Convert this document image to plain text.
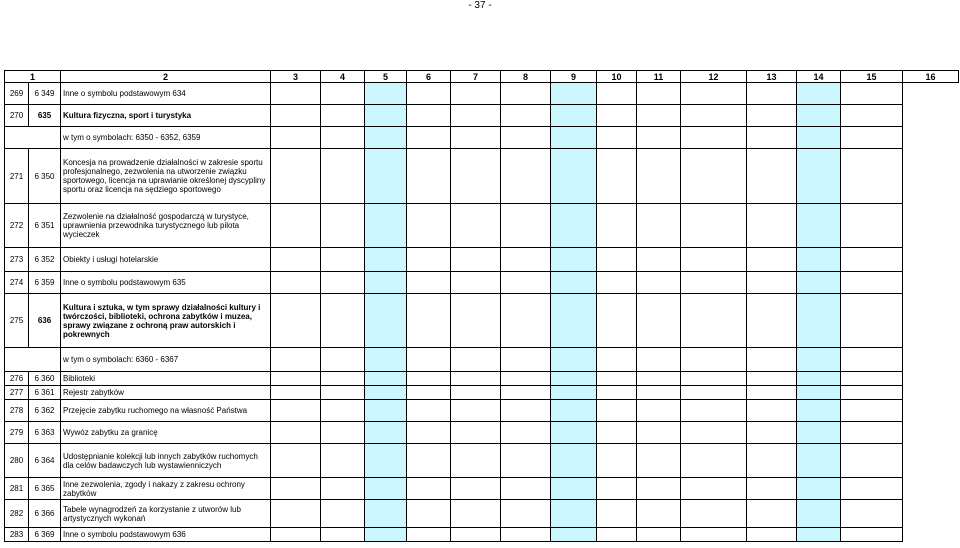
- 37 -
1		2	3	4	5	6	7	8	9	10	11	12	13	14	15	16
269	6 349	Inne o symbolu podstawowym 634														
270	635	Kultura fizyczna, sport i turystyka														
		w tym o symbolach: 6350 - 6352, 6359														
271	6 350	Koncesja na prowadzenie działalności w zakresie sportu profesjonalnego, zezwolenia na utworzenie związku sportowego, licencja na uprawianie określonej dyscypliny sportu oraz licencja na sędziego sportowego														
272	6 351	Zezwolenie na działalność gospodarczą w turystyce, uprawnienia przewodnika turystycznego lub pilota wycieczek														
273	6 352	Obiekty i usługi hotelarskie														
274	6 359	Inne o symbolu podstawowym 635														
275	636	Kultura i sztuka, w tym sprawy działalności kultury i twórczości, biblioteki, ochrona zabytków i muzea, sprawy związane z ochroną praw autorskich i pokrewnych														
		w tym o symbolach: 6360 - 6367														
276	6 360	Biblioteki														
277	6 361	Rejestr zabytków														
278	6 362	Przejęcie zabytku ruchomego na własność Państwa														
279	6 363	Wywóz zabytku za granicę														
280	6 364	Udostępnianie kolekcji lub innych zabytków ruchomych dla celów badawczych lub wystawienniczych														
281	6 365	Inne zezwolenia, zgody i nakazy z zakresu ochrony zabytków														
282	6 366	Tabele wynagrodzeń za korzystanie z utworów lub artystycznych wykonań														
283	6 369	Inne o symbolu podstawowym 636														
